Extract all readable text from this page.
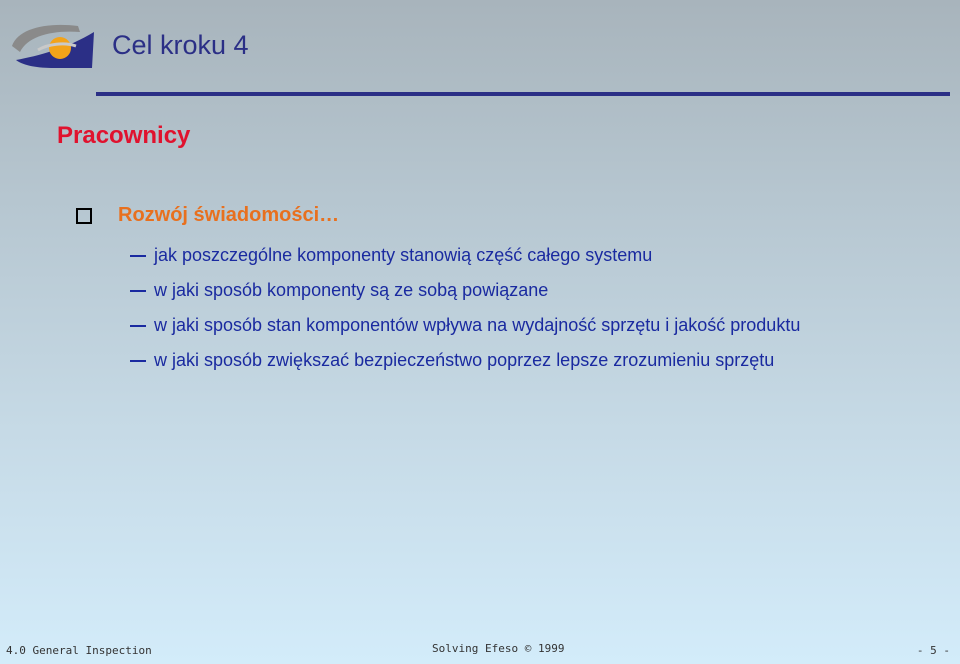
Cel kroku 4
Pracownicy
Rozwój świadomości…
jak poszczególne komponenty stanowią część całego systemu
w jaki sposób komponenty są ze sobą powiązane
w jaki sposób stan komponentów wpływa na wydajność sprzętu i jakość produktu
w jaki sposób zwiększać bezpieczeństwo poprzez lepsze zrozumieniu sprzętu
4.0 General Inspection	Solving Efeso © 1999	- 5 -
